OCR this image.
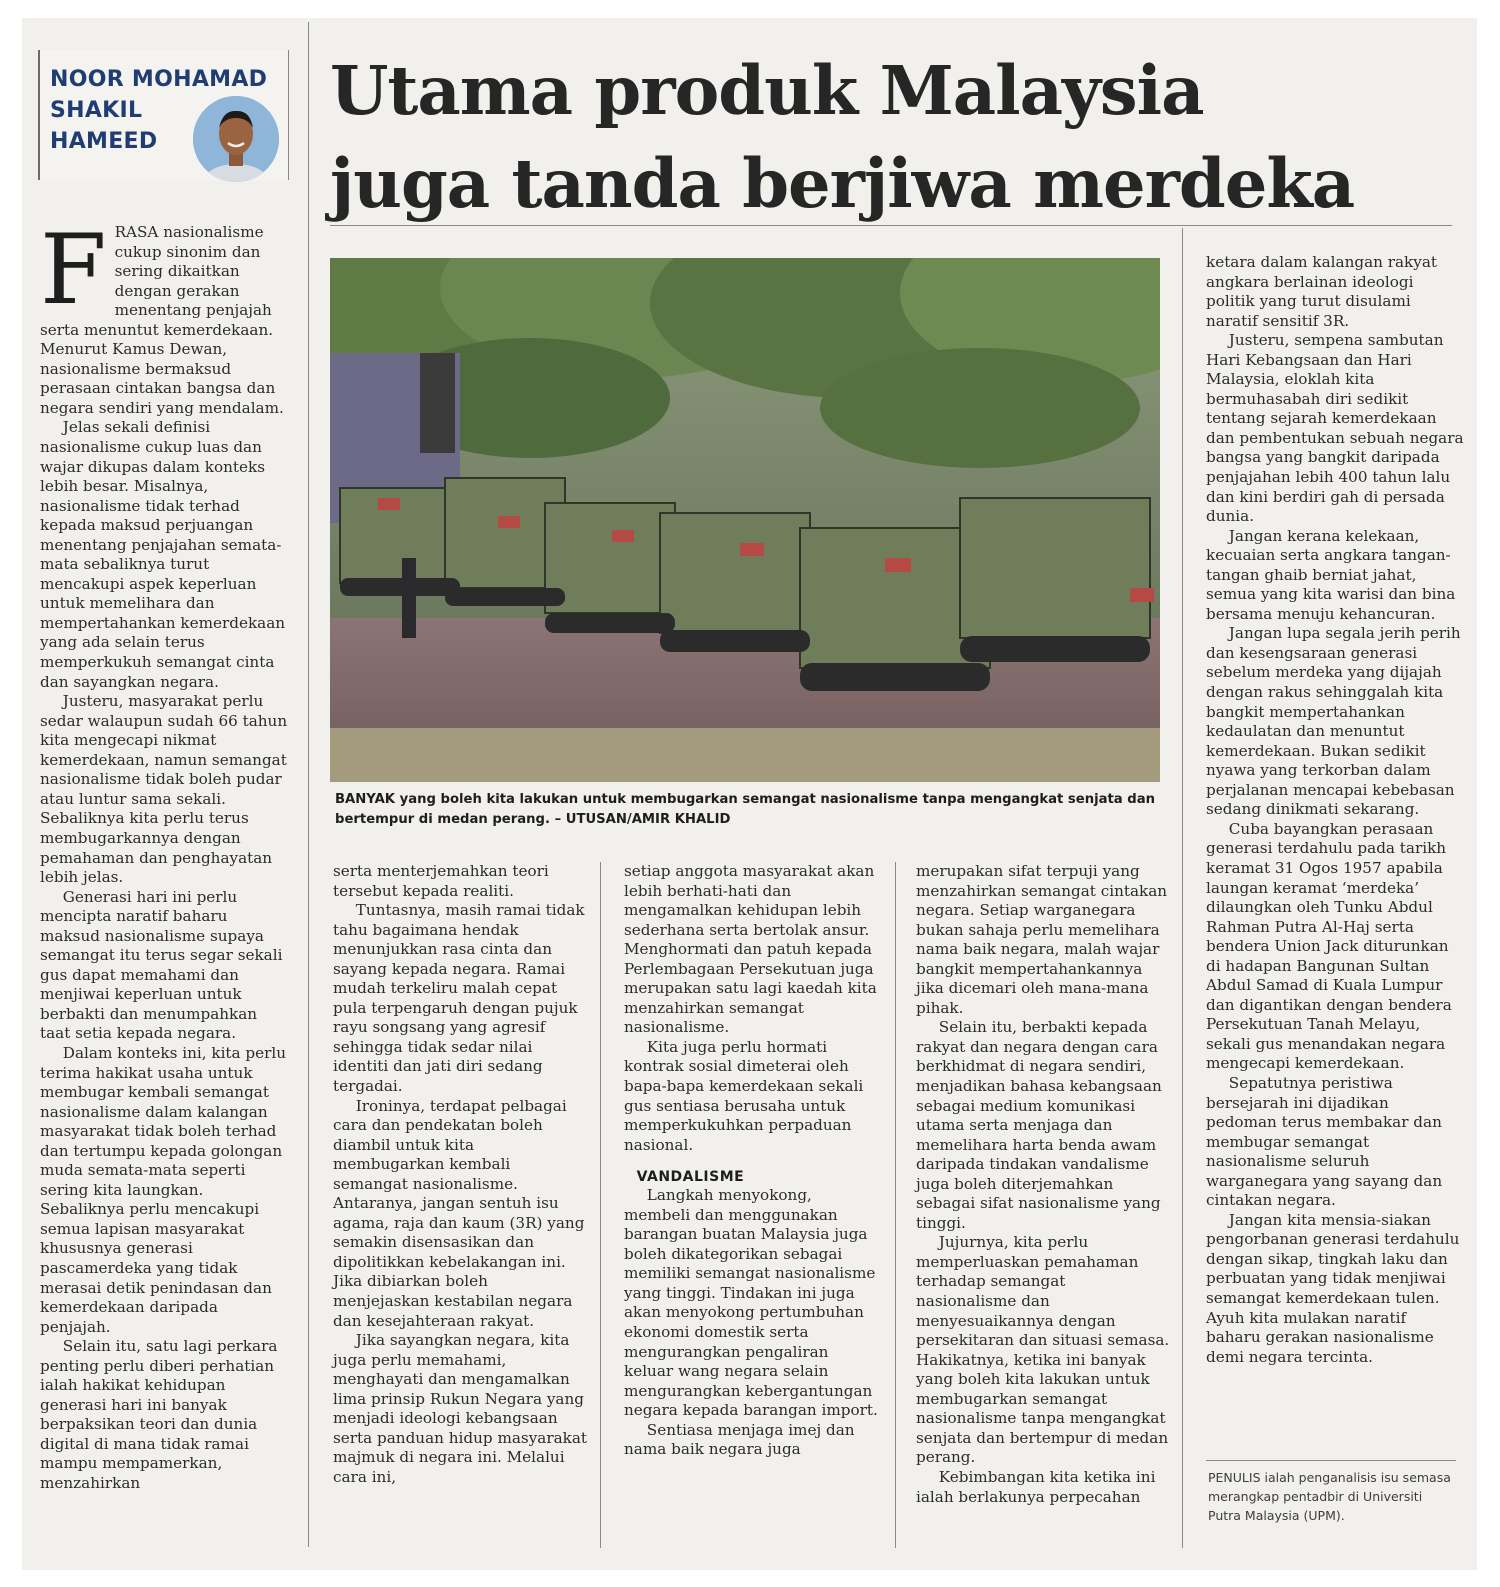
NOOR MOHAMAD
SHAKIL
HAMEED
Utama produk Malaysia
juga tanda berjiwa merdeka
BANYAK yang boleh kita lakukan untuk membugarkan semangat nasionalisme tanpa mengangkat senjata dan bertempur di medan perang. – UTUSAN/AMIR KHALID

FRASA nasionalisme cukup sinonim dan sering dikaitkan dengan gerakan menentang penjajah serta menuntut kemerdekaan. Menurut Kamus Dewan, nasionalisme bermaksud perasaan cintakan bangsa dan negara sendiri yang mendalam.

Jelas sekali definisi nasionalisme cukup luas dan wajar dikupas dalam konteks lebih besar. Misalnya, nasionalisme tidak terhad kepada maksud perjuangan menentang penjajahan semata-mata sebaliknya turut mencakupi aspek keperluan untuk memelihara dan mempertahankan kemerdekaan yang ada selain terus memperkukuh semangat cinta dan sayangkan negara.

Justeru, masyarakat perlu sedar walaupun sudah 66 tahun kita mengecapi nikmat kemerdekaan, namun semangat nasionalisme tidak boleh pudar atau luntur sama sekali. Sebaliknya kita perlu terus membugarkannya dengan pemahaman dan penghayatan lebih jelas.

Generasi hari ini perlu mencipta naratif baharu maksud nasionalisme supaya semangat itu terus segar sekali gus dapat memahami dan menjiwai keperluan untuk berbakti dan menumpahkan taat setia kepada negara.

Dalam konteks ini, kita perlu terima hakikat usaha untuk membugar kembali semangat nasionalisme dalam kalangan masyarakat tidak boleh terhad dan tertumpu kepada golongan muda semata-mata seperti sering kita laungkan. Sebaliknya perlu mencakupi semua lapisan masyarakat khususnya generasi pascamerdeka yang tidak merasai detik penindasan dan kemerdekaan daripada penjajah.

Selain itu, satu lagi perkara penting perlu diberi perhatian ialah hakikat kehidupan generasi hari ini banyak berpaksikan teori dan dunia digital di mana tidak ramai mampu mempamerkan, menzahirkan

serta menterjemahkan teori tersebut kepada realiti.

Tuntasnya, masih ramai tidak tahu bagaimana hendak menunjukkan rasa cinta dan sayang kepada negara. Ramai mudah terkeliru malah cepat pula terpengaruh dengan pujuk rayu songsang yang agresif sehingga tidak sedar nilai identiti dan jati diri sedang tergadai.

Ironinya, terdapat pelbagai cara dan pendekatan boleh diambil untuk kita membugarkan kembali semangat nasionalisme. Antaranya, jangan sentuh isu agama, raja dan kaum (3R) yang semakin disensasikan dan dipolitikkan kebelakangan ini. Jika dibiarkan boleh menjejaskan kestabilan negara dan kesejahteraan rakyat.

Jika sayangkan negara, kita juga perlu memahami, menghayati dan mengamalkan lima prinsip Rukun Negara yang menjadi ideologi kebangsaan serta panduan hidup masyarakat majmuk di negara ini. Melalui cara ini,

setiap anggota masyarakat akan lebih berhati-hati dan mengamalkan kehidupan lebih sederhana serta bertolak ansur. Menghormati dan patuh kepada Perlembagaan Persekutuan juga merupakan satu lagi kaedah kita menzahirkan semangat nasionalisme.

Kita juga perlu hormati kontrak sosial dimeterai oleh bapa-bapa kemerdekaan sekali gus sentiasa berusaha untuk memperkukuhkan perpaduan nasional.

VANDALISME

Langkah menyokong, membeli dan menggunakan barangan buatan Malaysia juga boleh dikategorikan sebagai memiliki semangat nasionalisme yang tinggi. Tindakan ini juga akan menyokong pertumbuhan ekonomi domestik serta mengurangkan pengaliran keluar wang negara selain mengurangkan kebergantungan negara kepada barangan import.

Sentiasa menjaga imej dan nama baik negara juga

merupakan sifat terpuji yang menzahirkan semangat cintakan negara. Setiap warganegara bukan sahaja perlu memelihara nama baik negara, malah wajar bangkit mempertahankannya jika dicemari oleh mana-mana pihak.

Selain itu, berbakti kepada rakyat dan negara dengan cara berkhidmat di negara sendiri, menjadikan bahasa kebangsaan sebagai medium komunikasi utama serta menjaga dan memelihara harta benda awam daripada tindakan vandalisme juga boleh diterjemahkan sebagai sifat nasionalisme yang tinggi.

Jujurnya, kita perlu memperluaskan pemahaman terhadap semangat nasionalisme dan menyesuaikannya dengan persekitaran dan situasi semasa. Hakikatnya, ketika ini banyak yang boleh kita lakukan untuk membugarkan semangat nasionalisme tanpa mengangkat senjata dan bertempur di medan perang.

Kebimbangan kita ketika ini ialah berlakunya perpecahan

ketara dalam kalangan rakyat angkara berlainan ideologi politik yang turut disulami naratif sensitif 3R.

Justeru, sempena sambutan Hari Kebangsaan dan Hari Malaysia, eloklah kita bermuhasabah diri sedikit tentang sejarah kemerdekaan dan pembentukan sebuah negara bangsa yang bangkit daripada penjajahan lebih 400 tahun lalu dan kini berdiri gah di persada dunia.

Jangan kerana kelekaan, kecuaian serta angkara tangan-tangan ghaib berniat jahat, semua yang kita warisi dan bina bersama menuju kehancuran.

Jangan lupa segala jerih perih dan kesengsaraan generasi sebelum merdeka yang dijajah dengan rakus sehinggalah kita bangkit mempertahankan kedaulatan dan menuntut kemerdekaan. Bukan sedikit nyawa yang terkorban dalam perjalanan mencapai kebebasan sedang dinikmati sekarang.

Cuba bayangkan perasaan generasi terdahulu pada tarikh keramat 31 Ogos 1957 apabila laungan keramat ‘merdeka’ dilaungkan oleh Tunku Abdul Rahman Putra Al-Haj serta bendera Union Jack diturunkan di hadapan Bangunan Sultan Abdul Samad di Kuala Lumpur dan digantikan dengan bendera Persekutuan Tanah Melayu, sekali gus menandakan negara mengecapi kemerdekaan.

Sepatutnya peristiwa bersejarah ini dijadikan pedoman terus membakar dan membugar semangat nasionalisme seluruh warganegara yang sayang dan cintakan negara.

Jangan kita mensia-siakan pengorbanan generasi terdahulu dengan sikap, tingkah laku dan perbuatan yang tidak menjiwai semangat kemerdekaan tulen. Ayuh kita mulakan naratif baharu gerakan nasionalisme demi negara tercinta.

PENULIS ialah penganalisis isu semasa merangkap pentadbir di Universiti Putra Malaysia (UPM).
